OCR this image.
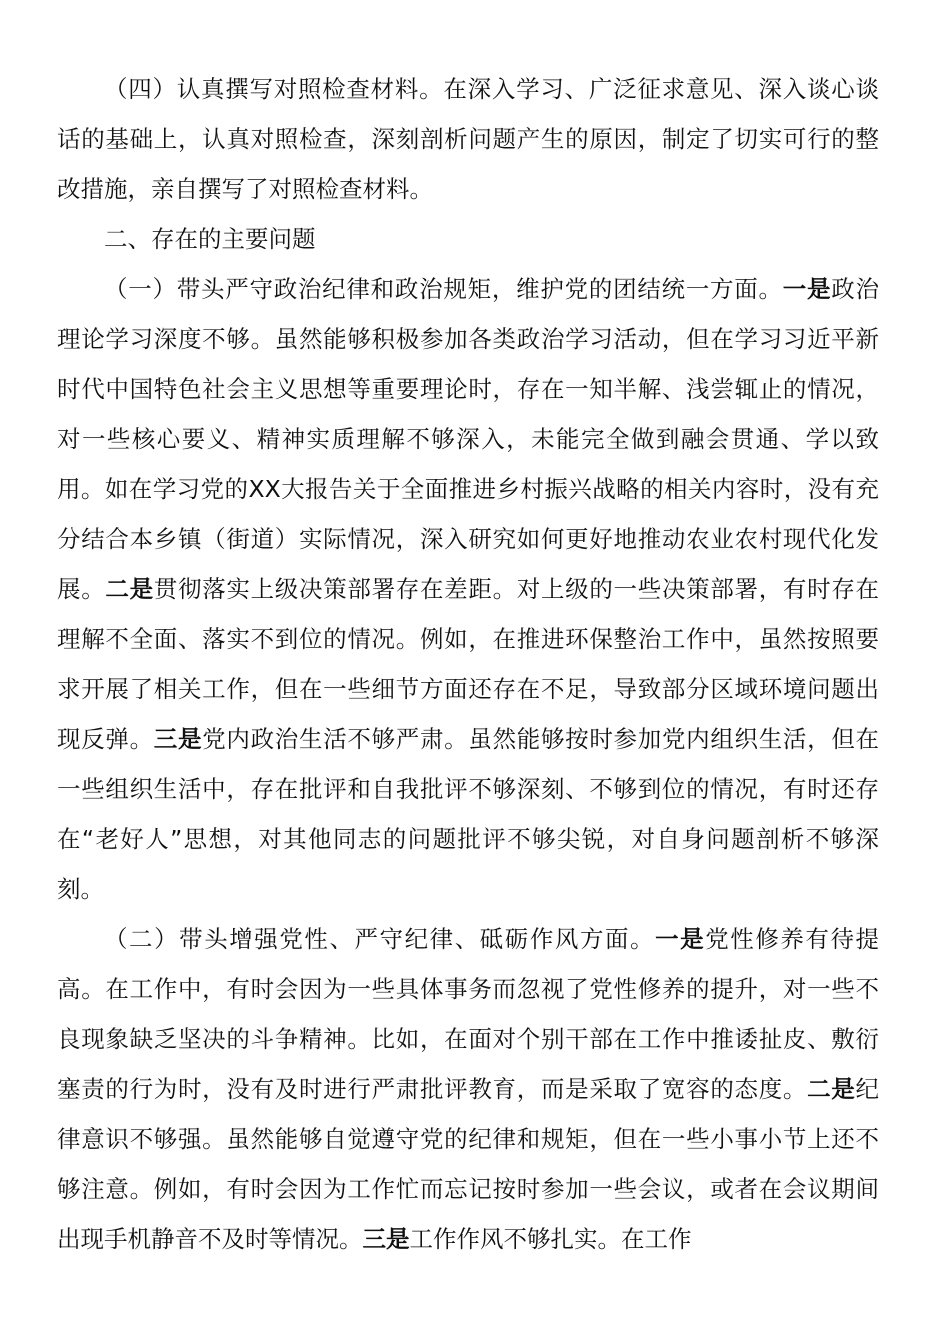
（四）认真撰写对照检查材料。在深入学习、广泛征求意见、深入谈心谈话的基础上，认真对照检查，深刻剖析问题产生的原因，制定了切实可行的整改措施，亲自撰写了对照检查材料。

二、存在的主要问题

（一）带头严守政治纪律和政治规矩，维护党的团结统一方面。一是政治理论学习深度不够。虽然能够积极参加各类政治学习活动，但在学习习近平新时代中国特色社会主义思想等重要理论时，存在一知半解、浅尝辄止的情况，对一些核心要义、精神实质理解不够深入，未能完全做到融会贯通、学以致用。如在学习党的XX大报告关于全面推进乡村振兴战略的相关内容时，没有充分结合本乡镇（街道）实际情况，深入研究如何更好地推动农业农村现代化发展。二是贯彻落实上级决策部署存在差距。对上级的一些决策部署，有时存在理解不全面、落实不到位的情况。例如，在推进环保整治工作中，虽然按照要求开展了相关工作，但在一些细节方面还存在不足，导致部分区域环境问题出现反弹。三是党内政治生活不够严肃。虽然能够按时参加党内组织生活，但在一些组织生活中，存在批评和自我批评不够深刻、不够到位的情况，有时还存在“老好人”思想，对其他同志的问题批评不够尖锐，对自身问题剖析不够深刻。

（二）带头增强党性、严守纪律、砥砺作风方面。一是党性修养有待提高。在工作中，有时会因为一些具体事务而忽视了党性修养的提升，对一些不良现象缺乏坚决的斗争精神。比如，在面对个别干部在工作中推诿扯皮、敷衍塞责的行为时，没有及时进行严肃批评教育，而是采取了宽容的态度。二是纪律意识不够强。虽然能够自觉遵守党的纪律和规矩，但在一些小事小节上还不够注意。例如，有时会因为工作忙而忘记按时参加一些会议，或者在会议期间出现手机静音不及时等情况。三是工作作风不够扎实。在工作
